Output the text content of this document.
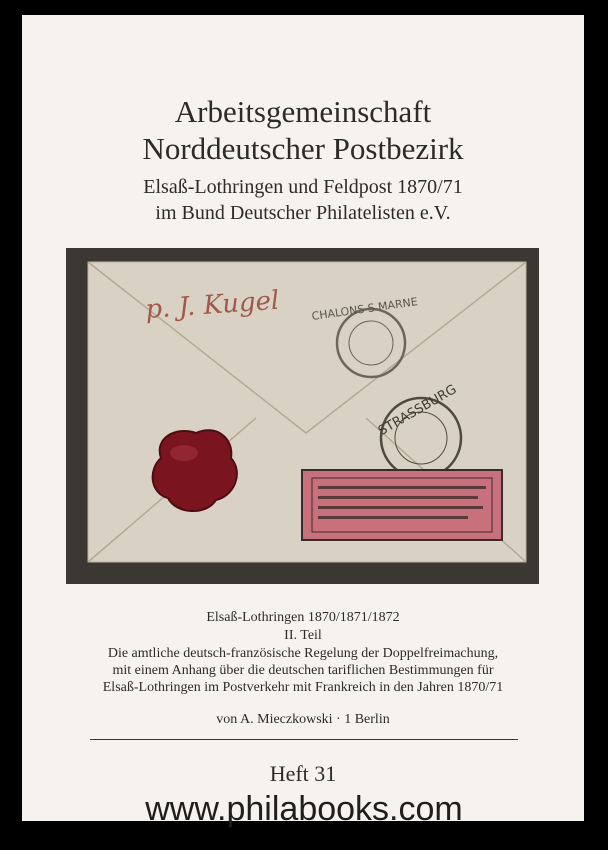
Arbeitsgemeinschaft
Norddeutscher Postbezirk
Elsaß-Lothringen und Feldpost 1870/71
im Bund Deutscher Philatelisten e.V.
p. J. Kugel	CHALONS S MARNE
STRASSBURG
Elsaß-Lothringen 1870/1871/1872
II. Teil
Die amtliche deutsch-französische Regelung der Doppelfreimachung,
mit einem Anhang über die deutschen tariflichen Bestimmungen für
Elsaß-Lothringen im Postverkehr mit Frankreich in den Jahren 1870/71
von A. Mieczkowski · 1 Berlin
Heft 31
www.philabooks.com
